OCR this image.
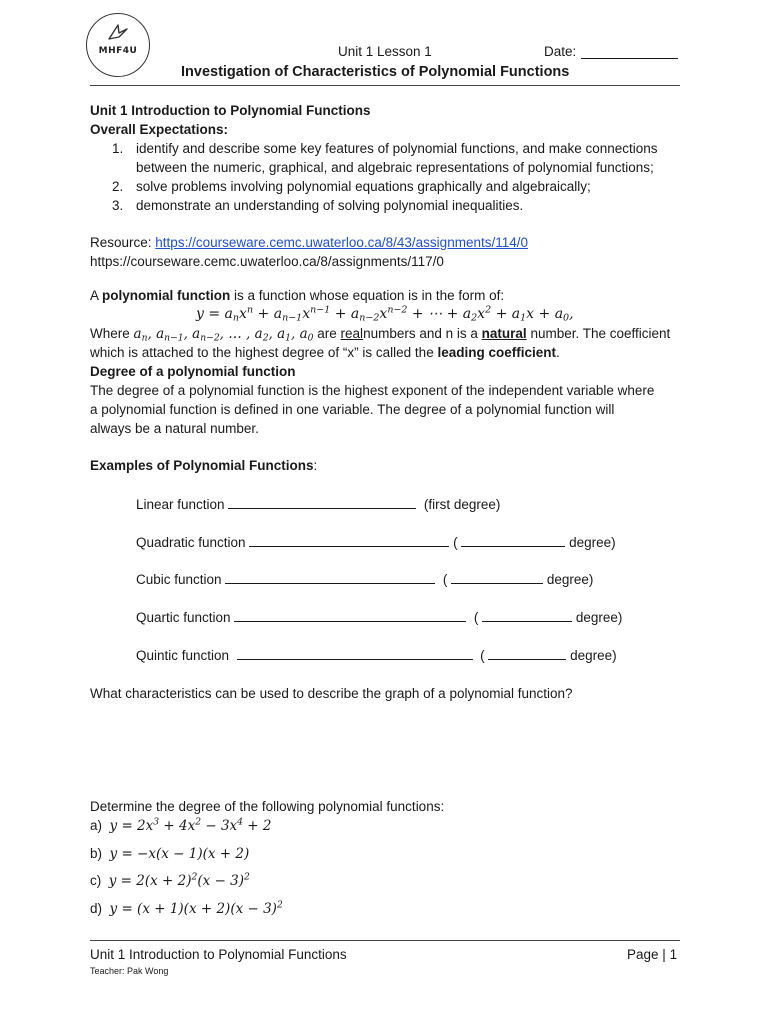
MHF4U	Unit 1 Lesson 1	Date:
Investigation of Characteristics of Polynomial Functions
Unit 1 Introduction to Polynomial Functions
Overall Expectations:
1. identify and describe some key features of polynomial functions, and make connections
between the numeric, graphical, and algebraic representations of polynomial functions;
2. solve problems involving polynomial equations graphically and algebraically;
3. demonstrate an understanding of solving polynomial inequalities.
Resource: https://courseware.cemc.uwaterloo.ca/8/43/assignments/114/0
https://courseware.cemc.uwaterloo.ca/8/assignments/117/0
A polynomial function is a function whose equation is in the form of:
$y = a_nx^n + a_{n-1}x^{n-1} + a_{n-2}x^{n-2}$ + ⋯ + $a_2x^2 + a_1x + a_0$,
Where $a_n$, $a_{n-1}$, $a_{n-2}$, … , $a_2$, $a_1$, $a_0$ are realnumbers and n is a natural number. The coefficient
which is attached to the highest degree of “x” is called the leading coefficient.
Degree of a polynomial function
The degree of a polynomial function is the highest exponent of the independent variable where
a polynomial function is defined in one variable. The degree of a polynomial function will
always be a natural number.
Examples of Polynomial Functions:
Linear function	(first degree)
Quadratic function	(	degree)
Cubic function	(	degree)
Quartic function	(	degree)
Quintic function	(	degree)
What characteristics can be used to describe the graph of a polynomial function?
Determine the degree of the following polynomial functions:
a) $y = 2x^3 + 4x^2 - 3x^4 + 2$
b) y = −x(x − 1)(x + 2)
c) $y = 2(x + 2)^2(x - 3)^2$
d) $y = (x + 1)(x + 2)(x - 3)^2$
Unit 1 Introduction to Polynomial Functions
Teacher: Pak Wong
Page | 1
